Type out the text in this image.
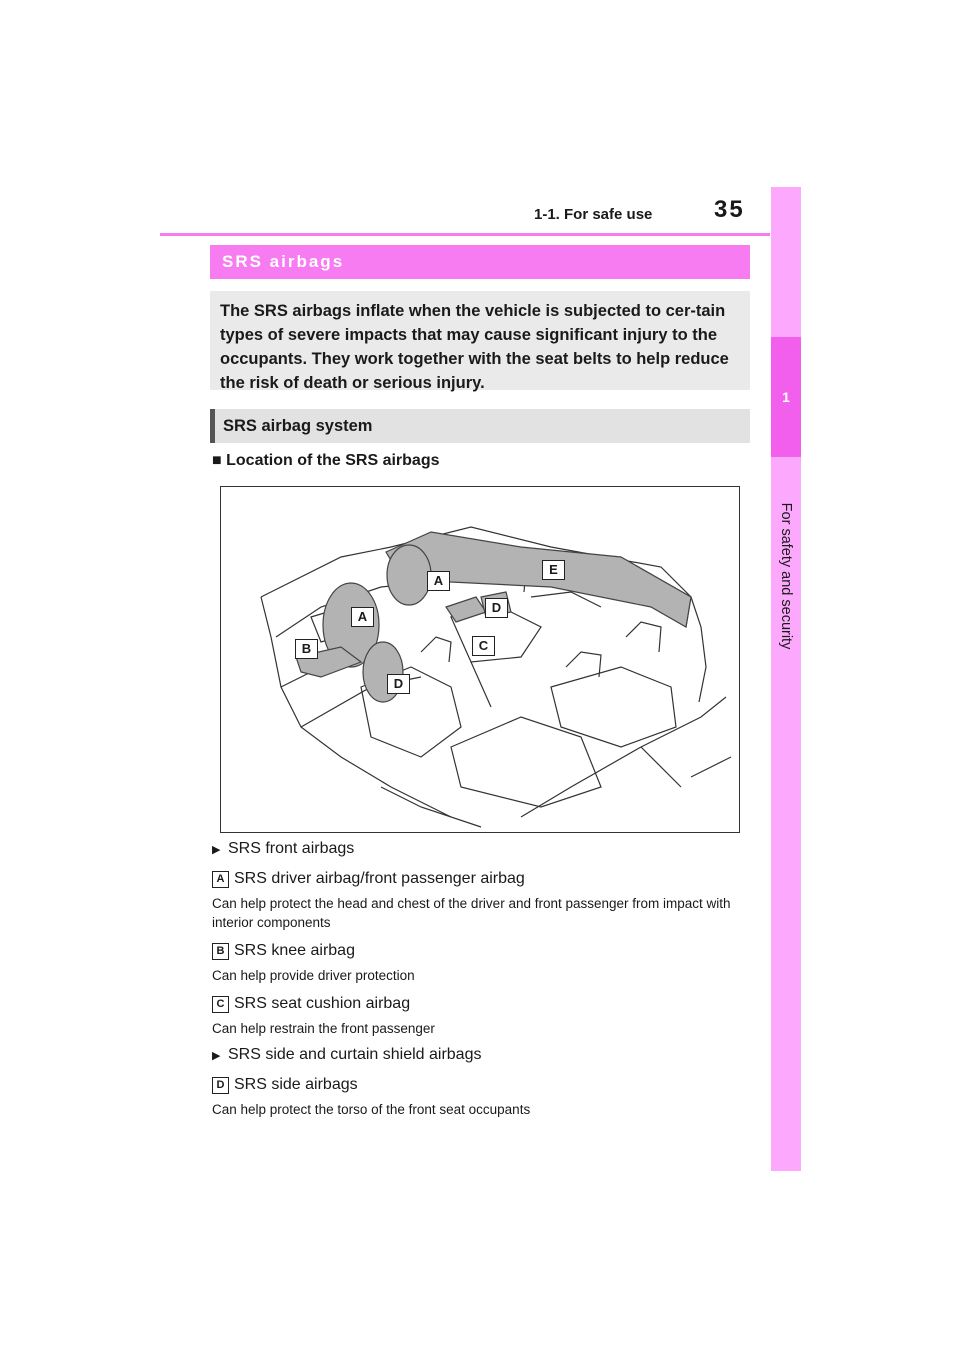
1-1. For safe use	35
1
For safety and security
SRS airbags

The SRS airbags inflate when the vehicle is subjected to cer-tain types of severe impacts that may cause significant injury to the occupants. They work together with the seat belts to help reduce the risk of death or serious injury.

SRS airbag system
■ Location of the SRS airbags
A
A
B	C
D
D
E
▶ SRS front airbags
A SRS driver airbag/front passenger airbag
Can help protect the head and chest of the driver and front passenger from impact with interior components
B SRS knee airbag
Can help provide driver protection
C SRS seat cushion airbag
Can help restrain the front passenger
▶ SRS side and curtain shield airbags
D SRS side airbags
Can help protect the torso of the front seat occupants
